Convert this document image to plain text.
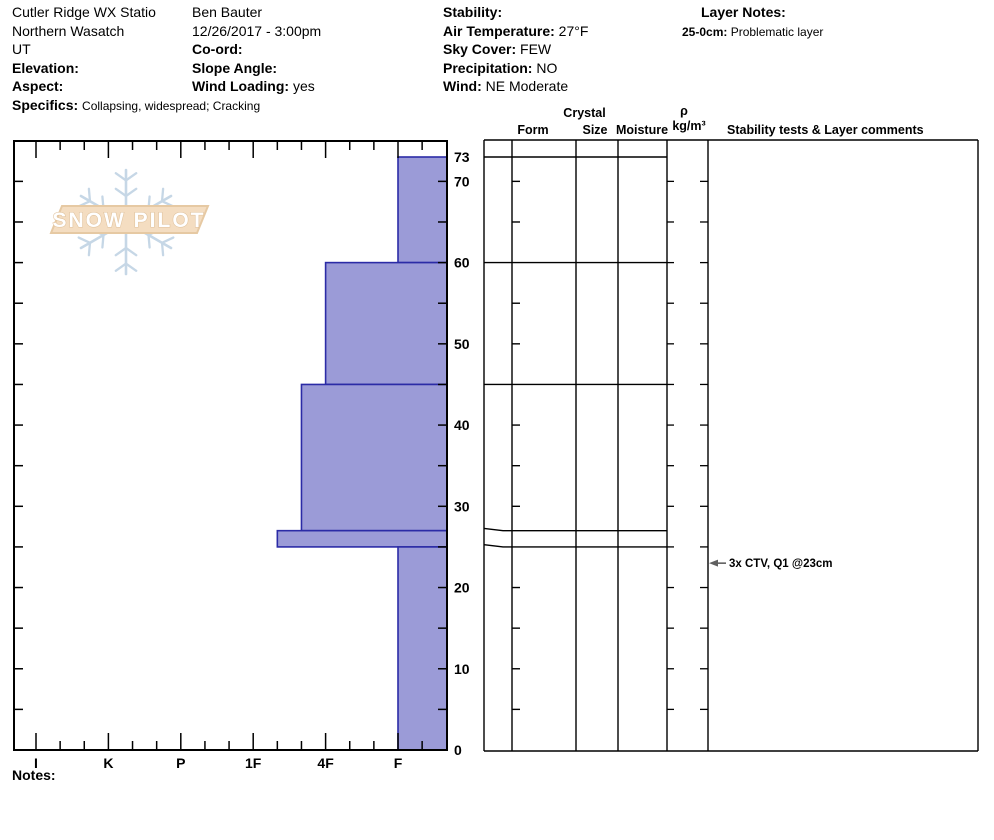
Cutler Ridge WX Statio
Northern Wasatch
UT
Elevation:
Aspect:
Specifics: Collapsing, widespread; Cracking
Ben Bauter
12/26/2017 - 3:00pm
Co-ord:
Slope Angle:
Wind Loading: yes
Stability:
Air Temperature: 27°F
Sky Cover: FEW
Precipitation: NO
Wind: NE Moderate
Layer Notes:
25-0cm: Problematic layer
Crystal
Form	Size Moisture
ρ
kg/m³	Stability tests & Layer comments
SNOW PILOT
I	K	P	1F	4F	F
0
10
20
30
40
50
60
70
73
3x CTV, Q1 @23cm
Notes:
